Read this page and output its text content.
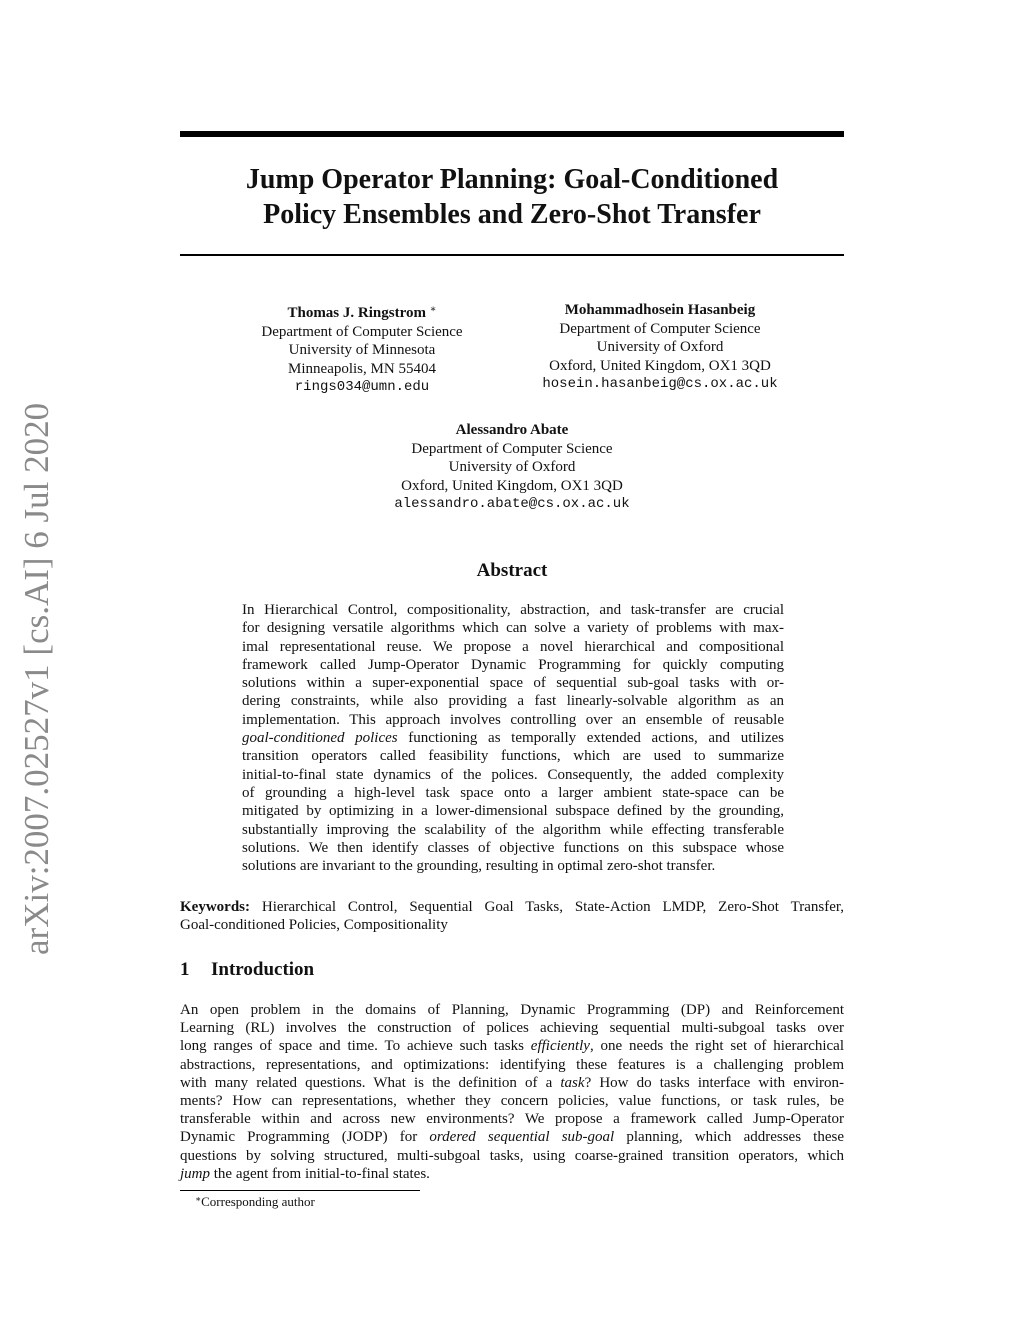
arXiv:2007.02527v1 [cs.AI] 6 Jul 2020
Jump Operator Planning: Goal-Conditioned
Policy Ensembles and Zero-Shot Transfer
Thomas J. Ringstrom ∗
Department of Computer Science
University of Minnesota
Minneapolis, MN 55404
rings034@umn.edu
Mohammadhosein Hasanbeig
Department of Computer Science
University of Oxford
Oxford, United Kingdom, OX1 3QD
hosein.hasanbeig@cs.ox.ac.uk
Alessandro Abate
Department of Computer Science
University of Oxford
Oxford, United Kingdom, OX1 3QD
alessandro.abate@cs.ox.ac.uk
Abstract
In Hierarchical Control, compositionality, abstraction, and task-transfer are crucial
for designing versatile algorithms which can solve a variety of problems with max-
imal representational reuse. We propose a novel hierarchical and compositional
framework called Jump-Operator Dynamic Programming for quickly computing
solutions within a super-exponential space of sequential sub-goal tasks with or-
dering constraints, while also providing a fast linearly-solvable algorithm as an
implementation. This approach involves controlling over an ensemble of reusable
goal-conditioned polices functioning as temporally extended actions, and utilizes
transition operators called feasibility functions, which are used to summarize
initial-to-final state dynamics of the polices. Consequently, the added complexity
of grounding a high-level task space onto a larger ambient state-space can be
mitigated by optimizing in a lower-dimensional subspace defined by the grounding,
substantially improving the scalability of the algorithm while effecting transferable
solutions. We then identify classes of objective functions on this subspace whose
solutions are invariant to the grounding, resulting in optimal zero-shot transfer.
Keywords: Hierarchical Control, Sequential Goal Tasks, State-Action LMDP, Zero-Shot Transfer,
Goal-conditioned Policies, Compositionality
1 Introduction
An open problem in the domains of Planning, Dynamic Programming (DP) and Reinforcement
Learning (RL) involves the construction of polices achieving sequential multi-subgoal tasks over
long ranges of space and time. To achieve such tasks efficiently, one needs the right set of hierarchical
abstractions, representations, and optimizations: identifying these features is a challenging problem
with many related questions. What is the definition of a task? How do tasks interface with environ-
ments? How can representations, whether they concern policies, value functions, or task rules, be
transferable within and across new environments? We propose a framework called Jump-Operator
Dynamic Programming (JODP) for ordered sequential sub-goal planning, which addresses these
questions by solving structured, multi-subgoal tasks, using coarse-grained transition operators, which
jump the agent from initial-to-final states.
∗Corresponding author
